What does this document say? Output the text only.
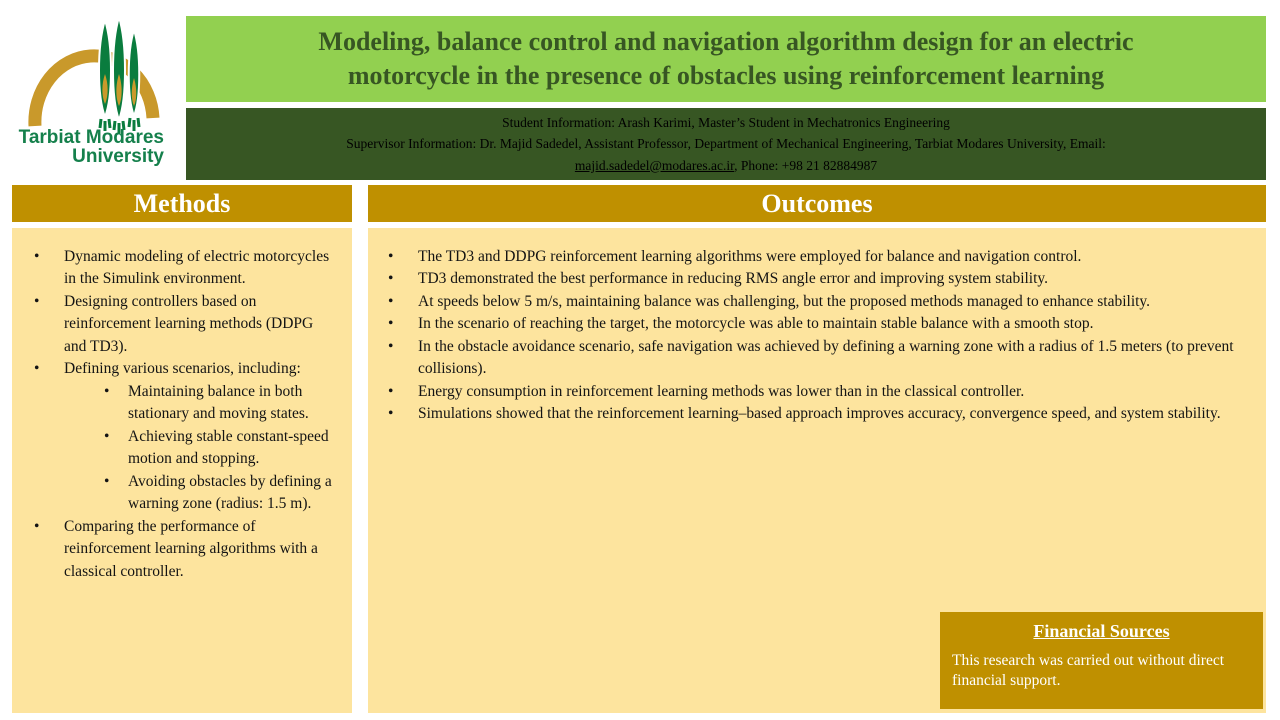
Tarbiat Modares
University
Modeling, balance control and navigation algorithm design for an electric
motorcycle in the presence of obstacles using reinforcement learning
Student Information: Arash Karimi, Master’s Student in Mechatronics Engineering
Supervisor Information: Dr. Majid Sadedel, Assistant Professor, Department of Mechanical Engineering, Tarbiat Modares University, Email:
majid.sadedel@modares.ac.ir, Phone: +98 21 82884987
Methods
• Dynamic modeling of electric motorcycles in the Simulink environment.
• Designing controllers based on reinforcement learning methods (DDPG and TD3).
• Defining various scenarios, including:
• Maintaining balance in both stationary and moving states.
• Achieving stable constant-speed motion and stopping.
• Avoiding obstacles by defining a warning zone (radius: 1.5 m).
• Comparing the performance of reinforcement learning algorithms with a classical controller.
Outcomes
• The TD3 and DDPG reinforcement learning algorithms were employed for balance and navigation control.
• TD3 demonstrated the best performance in reducing RMS angle error and improving system stability.
• At speeds below 5 m/s, maintaining balance was challenging, but the proposed methods managed to enhance stability.
• In the scenario of reaching the target, the motorcycle was able to maintain stable balance with a smooth stop.
• In the obstacle avoidance scenario, safe navigation was achieved by defining a warning zone with a radius of 1.5 meters (to prevent collisions).
• Energy consumption in reinforcement learning methods was lower than in the classical controller.
• Simulations showed that the reinforcement learning–based approach improves accuracy, convergence speed, and system stability.
Financial Sources
This research was carried out without direct financial support.
